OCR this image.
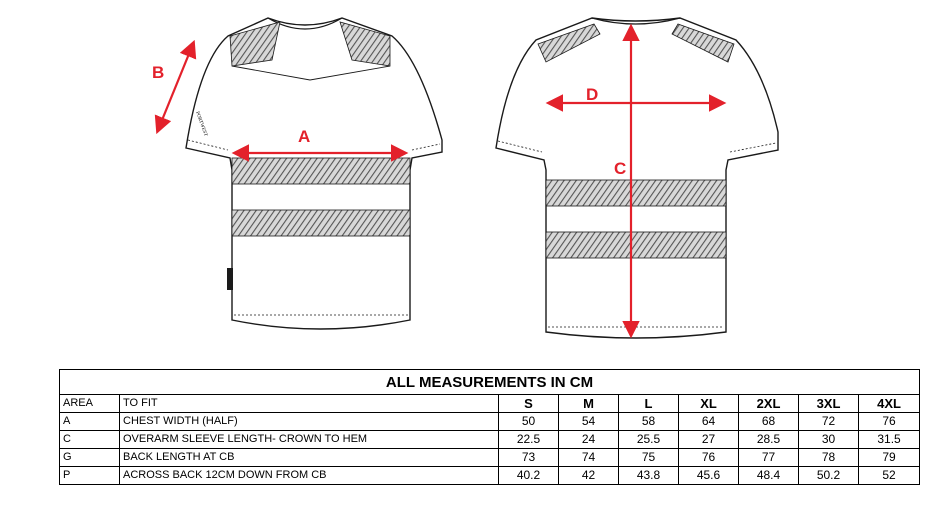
PORTWEST	A
B
D
C
ALL MEASUREMENTS IN CM								
AREA	TO FIT	S	M	L	XL	2XL	3XL	4XL
A	CHEST WIDTH (HALF)	50	54	58	64	68	72	76
C	OVERARM SLEEVE LENGTH- CROWN TO HEM	22.5	24	25.5	27	28.5	30	31.5
G	BACK LENGTH AT CB	73	74	75	76	77	78	79
P	ACROSS BACK 12CM DOWN FROM CB	40.2	42	43.8	45.6	48.4	50.2	52
